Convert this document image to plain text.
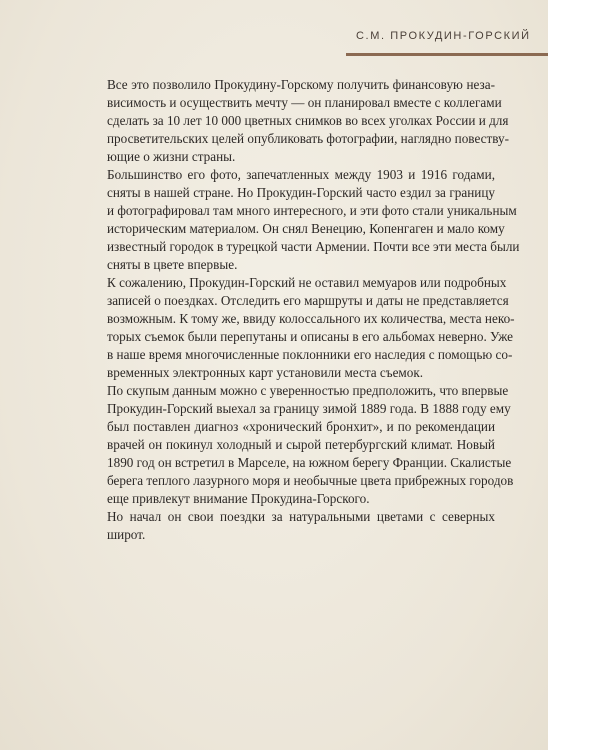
С.М. ПРОКУДИН-ГОРСКИЙ

Все это позволило Прокудину-Горскому получить финансовую неза-
висимость и осуществить мечту — он планировал вместе с коллегами
сделать за 10 лет 10 000 цветных снимков во всех уголках России и для
просветительских целей опубликовать фотографии, наглядно повеству-
ющие о жизни страны.

Большинство его фото, запечатленных между 1903 и 1916 годами,
сняты в нашей стране. Но Прокудин-Горский часто ездил за границу
и фотографировал там много интересного, и эти фото стали уникальным
историческим материалом. Он снял Венецию, Копенгаген и мало кому
известный городок в турецкой части Армении. Почти все эти места были
сняты в цвете впервые.

К сожалению, Прокудин-Горский не оставил мемуаров или подробных
записей о поездках. Отследить его маршруты и даты не представляется
возможным. К тому же, ввиду колоссального их количества, места неко-
торых съемок были перепутаны и описаны в его альбомах неверно. Уже
в наше время многочисленные поклонники его наследия с помощью со-
временных электронных карт установили места съемок.

По скупым данным можно с уверенностью предположить, что впервые
Прокудин-Горский выехал за границу зимой 1889 года. В 1888 году ему
был поставлен диагноз «хронический бронхит», и по рекомендации
врачей он покинул холодный и сырой петербургский климат. Новый
1890 год он встретил в Марселе, на южном берегу Франции. Скалистые
берега теплого лазурного моря и необычные цвета прибрежных городов
еще привлекут внимание Прокудина-Горского.

Но начал он свои поездки за натуральными цветами с северных
широт.
